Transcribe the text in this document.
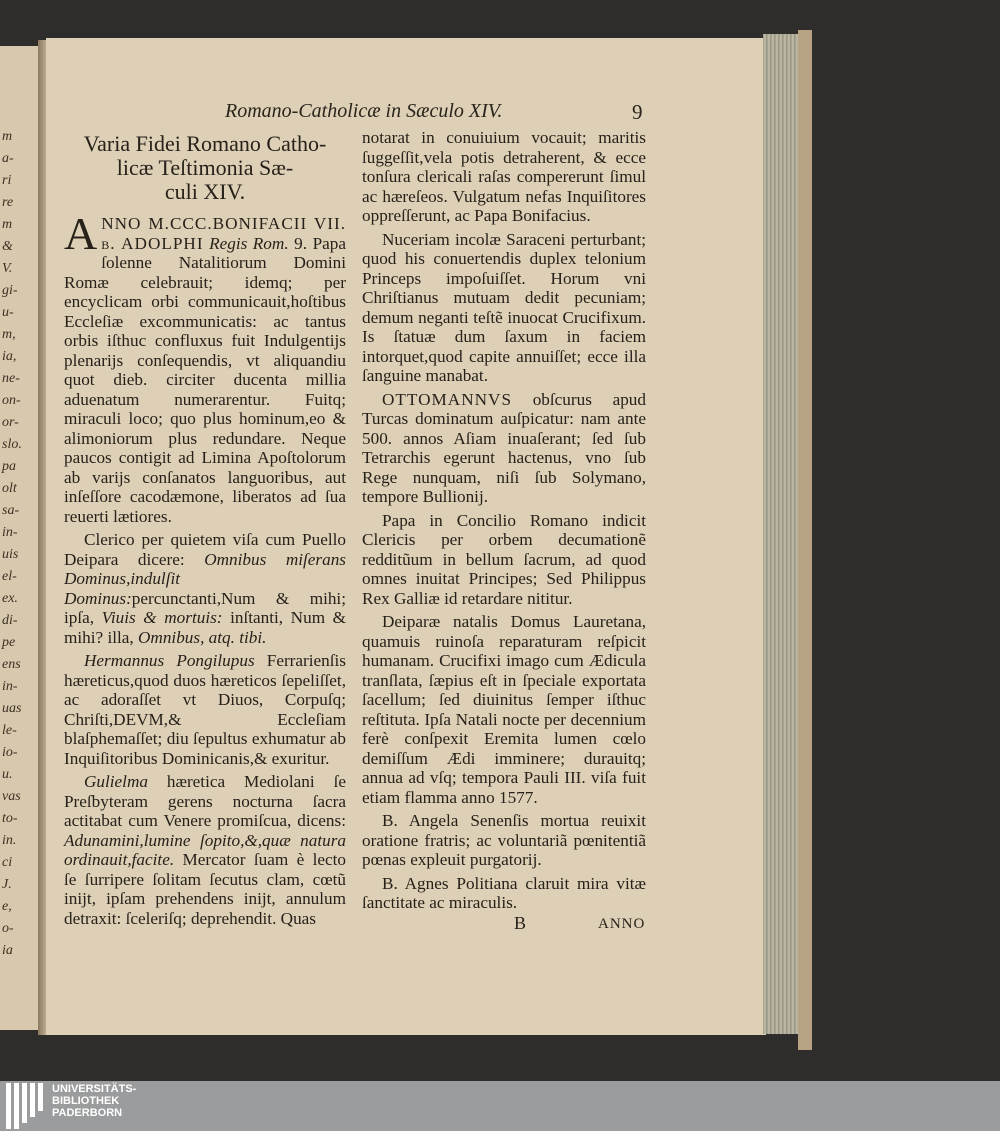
m
a-
ri
re
m
&
V.
gi-
u-
m,
ia,
ne-
on-
or-
slo.
pa
olt
sa-
in-
uis
el-
ex.
di-
pe
ens
in-
uas
le-
io-
u.
vas
to-
in.
ci
J.
e,
o-
ia
Romano-Catholicæ in Sæculo XIV.	9
Varia Fidei Romano Catho-
licæ Teſtimonia Sæ-
culi XIV.

ANNO M.CCC.BONIFACII VII. b. ADOLPHI Regis Rom. 9. Papa ſolenne Natalitiorum Domini Romæ celebrauit; idemq; per encyclicam orbi communicauit,hoſtibus Eccleſiæ excommunicatis: ac tantus orbis iſthuc confluxus fuit Indulgentijs plenarijs conſequendis, vt aliquandiu quot dieb. circiter ducenta millia aduenatum numerarentur. Fuitq; miraculi loco; quo plus hominum,eo & alimoniorum plus redundare. Neque paucos contigit ad Limina Apoſtolorum ab varijs conſanatos languoribus, aut inſeſſore cacodæmone, liberatos ad ſua reuerti lætiores.

Clerico per quietem viſa cum Puello Deipara dicere: Omnibus miſerans Dominus,indulſit Dominus:percunctanti,Num & mihi; ipſa, Viuis & mortuis: inſtanti, Num & mihi? illa, Omnibus, atq. tibi.

Hermannus Pongilupus Ferrarienſis hæreticus,quod duos hæreticos ſepeliſſet, ac adoraſſet vt Diuos, Corpuſq; Chriſti,DEVM,& Eccleſiam blaſphemaſſet; diu ſepultus exhumatur ab Inquiſitoribus Dominicanis,& exuritur.

Gulielma hæretica Mediolani ſe Preſbyteram gerens nocturna ſacra actitabat cum Venere promiſcua, dicens: Adunamini,lumine ſopito,&,quæ natura ordinauit,facite. Mercator ſuam è lecto ſe ſurripere ſolitam ſecutus clam, cœtũ inijt, ipſam prehendens inijt, annulum detraxit: ſceleriſq; deprehendit. Quas

notarat in conuiuium vocauit; maritis ſuggeſſit,vela potis detraherent, & ecce tonſura clericali raſas compererunt ſimul ac hæreſeos. Vulgatum nefas Inquiſitores oppreſſerunt, ac Papa Bonifacius.

Nuceriam incolæ Saraceni perturbant; quod his conuertendis duplex telonium Princeps impoſuiſſet. Horum vni Chriſtianus mutuam dedit pecuniam; demum neganti teſtẽ inuocat Crucifixum. Is ſtatuæ dum ſaxum in faciem intorquet,quod capite annuiſſet; ecce illa ſanguine manabat.

OTTOMANNVS obſcurus apud Turcas dominatum auſpicatur: nam ante 500. annos Aſiam inuaſerant; ſed ſub Tetrarchis egerunt hactenus, vno ſub Rege nunquam, niſi ſub Solymano, tempore Bullionij.

Papa in Concilio Romano indicit Clericis per orbem decumationẽ redditũum in bellum ſacrum, ad quod omnes inuitat Principes; Sed Philippus Rex Galliæ id retardare nititur.

Deiparæ natalis Domus Lauretana, quamuis ruinoſa reparaturam reſpicit humanam. Crucifixi imago cum Ædicula tranſlata, ſæpius eſt in ſpeciale exportata ſacellum; ſed diuinitus ſemper iſthuc reſtituta. Ipſa Natali nocte per decennium ferè conſpexit Eremita lumen cœlo demiſſum Ædi imminere; durauitq; annua ad vſq; tempora Pauli III. viſa fuit etiam flamma anno 1577.

B. Angela Senenſis mortua reuixit oratione fratris; ac voluntariã pœnitentiã pœnas expleuit purgatorij.

B. Agnes Politiana claruit mira vitæ ſanctitate ac miraculis.

B	ANNO
UNIVERSITÄTS-
BIBLIOTHEK
PADERBORN
